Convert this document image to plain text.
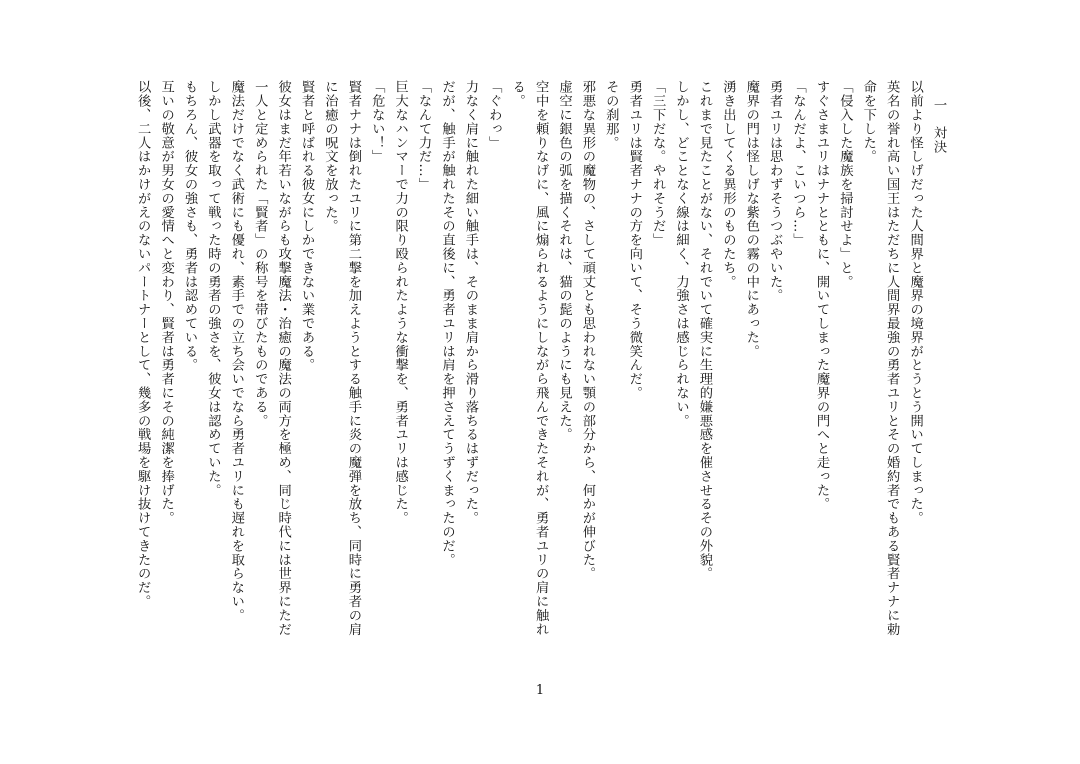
一　対決
以前より怪しげだった人間界と魔界の境界がとうとう開いてしまった。
英名の誉れ高い国王はただちに人間界最強の勇者ユリとその婚約者でもある賢者ナナに勅
命を下した。
「侵入した魔族を掃討せよ」と。
すぐさまユリはナナとともに、開いてしまった魔界の門へと走った。
「なんだよ、こいつら…」
勇者ユリは思わずそうつぶやいた。
魔界の門は怪しげな紫色の霧の中にあった。
湧き出してくる異形のものたち。
これまで見たことがない、それでいて確実に生理的嫌悪感を催させるその外貌。
しかし、どことなく線は細く、力強さは感じられない。
「三下だな。やれそうだ」
勇者ユリは賢者ナナの方を向いて、そう微笑んだ。
その刹那。
邪悪な異形の魔物の、さして頑丈とも思われない顎の部分から、何かが伸びた。
虚空に銀色の弧を描くそれは、猫の髭のようにも見えた。
空中を頼りなげに、風に煽られるようにしながら飛んできたそれが、勇者ユリの肩に触れ
る。
「ぐわっ」
力なく肩に触れた細い触手は、そのまま肩から滑り落ちるはずだった。
だが、触手が触れたその直後に、勇者ユリは肩を押さえてうずくまったのだ。
「なんて力だ…」
巨大なハンマーで力の限り殴られたような衝撃を、勇者ユリは感じた。
「危ない！」
賢者ナナは倒れたユリに第二撃を加えようとする触手に炎の魔弾を放ち、同時に勇者の肩
に治癒の呪文を放った。
賢者と呼ばれる彼女にしかできない業である。
彼女はまだ年若いながらも攻撃魔法・治癒の魔法の両方を極め、同じ時代には世界にただ
一人と定められた「賢者」の称号を帯びたものである。
魔法だけでなく武術にも優れ、素手での立ち会いでなら勇者ユリにも遅れを取らない。
しかし武器を取って戦った時の勇者の強さを、彼女は認めていた。
もちろん、彼女の強さも、勇者は認めている。
互いの敬意が男女の愛情へと変わり、賢者は勇者にその純潔を捧げた。
以後、二人はかけがえのないパートナーとして、幾多の戦場を駆け抜けてきたのだ。
1
